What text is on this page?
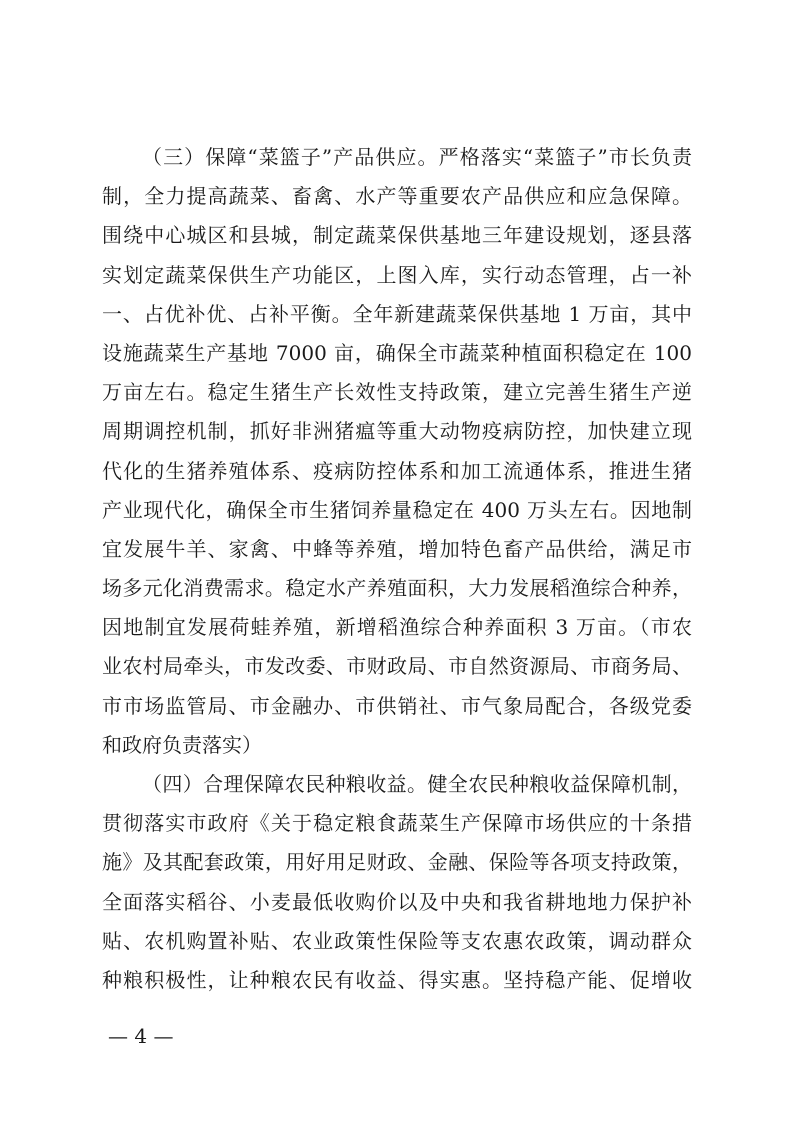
（三）保障“菜篮子”产品供应。严格落实“菜篮子”市长负责
制，全力提高蔬菜、畜禽、水产等重要农产品供应和应急保障。
围绕中心城区和县城，制定蔬菜保供基地三年建设规划，逐县落
实划定蔬菜保供生产功能区，上图入库，实行动态管理，占一补
一、占优补优、占补平衡。全年新建蔬菜保供基地 1 万亩，其中
设施蔬菜生产基地 7000 亩，确保全市蔬菜种植面积稳定在 100
万亩左右。稳定生猪生产长效性支持政策，建立完善生猪生产逆
周期调控机制，抓好非洲猪瘟等重大动物疫病防控，加快建立现
代化的生猪养殖体系、疫病防控体系和加工流通体系，推进生猪
产业现代化，确保全市生猪饲养量稳定在 400 万头左右。因地制
宜发展牛羊、家禽、中蜂等养殖，增加特色畜产品供给，满足市
场多元化消费需求。稳定水产养殖面积，大力发展稻渔综合种养，
因地制宜发展荷蛙养殖，新增稻渔综合种养面积 3 万亩。（市农
业农村局牵头，市发改委、市财政局、市自然资源局、市商务局、
市市场监管局、市金融办、市供销社、市气象局配合，各级党委
和政府负责落实）
（四）合理保障农民种粮收益。健全农民种粮收益保障机制，
贯彻落实市政府《关于稳定粮食蔬菜生产保障市场供应的十条措
施》及其配套政策，用好用足财政、金融、保险等各项支持政策，
全面落实稻谷、小麦最低收购价以及中央和我省耕地地力保护补
贴、农机购置补贴、农业政策性保险等支农惠农政策，调动群众
种粮积极性，让种粮农民有收益、得实惠。坚持稳产能、促增收
— 4 —
